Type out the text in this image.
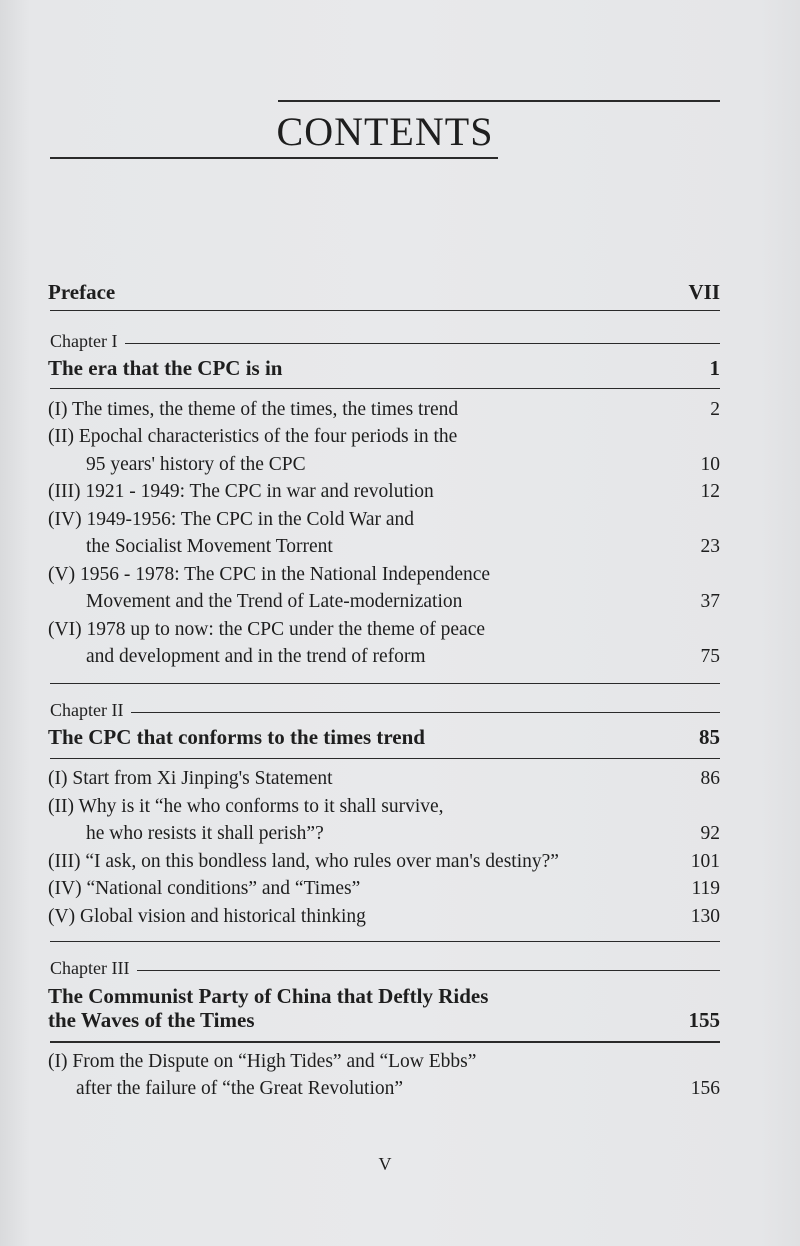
CONTENTS
Preface	VII
Chapter I
The era that the CPC is in	1
(I) The times, the theme of the times, the times trend	2
(II) Epochal characteristics of the four periods in the
95 years' history of the CPC	10
(III) 1921 - 1949: The CPC in war and revolution	12
(IV) 1949-1956: The CPC in the Cold War and
the Socialist Movement Torrent	23
(V) 1956 - 1978: The CPC in the National Independence
Movement and the Trend of Late-modernization	37
(VI) 1978 up to now: the CPC under the theme of peace
and development and in the trend of reform	75
Chapter II
The CPC that conforms to the times trend	85
(I) Start from Xi Jinping's Statement	86
(II) Why is it “he who conforms to it shall survive,
he who resists it shall perish”?	92
(III) “I ask, on this bondless land, who rules over man's destiny?”	101
(IV) “National conditions” and “Times”	119
(V) Global vision and historical thinking	130
Chapter III
The Communist Party of China that Deftly Rides
the Waves of the Times	155
(I) From the Dispute on “High Tides” and “Low Ebbs”
after the failure of “the Great Revolution”	156
V
